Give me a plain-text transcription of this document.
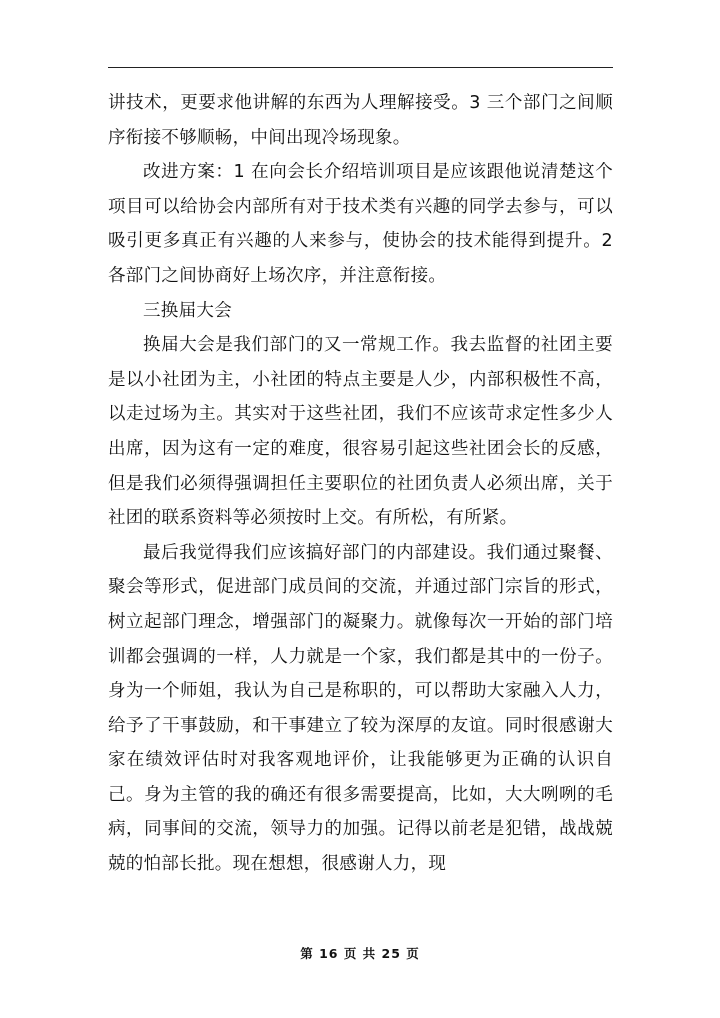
讲技术，更要求他讲解的东西为人理解接受。3 三个部门之间顺序衔接不够顺畅，中间出现冷场现象。

改进方案：1 在向会长介绍培训项目是应该跟他说清楚这个项目可以给协会内部所有对于技术类有兴趣的同学去参与，可以吸引更多真正有兴趣的人来参与，使协会的技术能得到提升。2 各部门之间协商好上场次序，并注意衔接。

三换届大会

换届大会是我们部门的又一常规工作。我去监督的社团主要是以小社团为主，小社团的特点主要是人少，内部积极性不高，以走过场为主。其实对于这些社团，我们不应该苛求定性多少人出席，因为这有一定的难度，很容易引起这些社团会长的反感，但是我们必须得强调担任主要职位的社团负责人必须出席，关于社团的联系资料等必须按时上交。有所松，有所紧。

最后我觉得我们应该搞好部门的内部建设。我们通过聚餐、聚会等形式，促进部门成员间的交流，并通过部门宗旨的形式，树立起部门理念，增强部门的凝聚力。就像每次一开始的部门培训都会强调的一样，人力就是一个家，我们都是其中的一份子。身为一个师姐，我认为自己是称职的，可以帮助大家融入人力，给予了干事鼓励，和干事建立了较为深厚的友谊。同时很感谢大家在绩效评估时对我客观地评价，让我能够更为正确的认识自己。身为主管的我的确还有很多需要提高，比如，大大咧咧的毛病，同事间的交流，领导力的加强。记得以前老是犯错，战战兢兢的怕部长批。现在想想，很感谢人力，现

第 16 页 共 25 页
